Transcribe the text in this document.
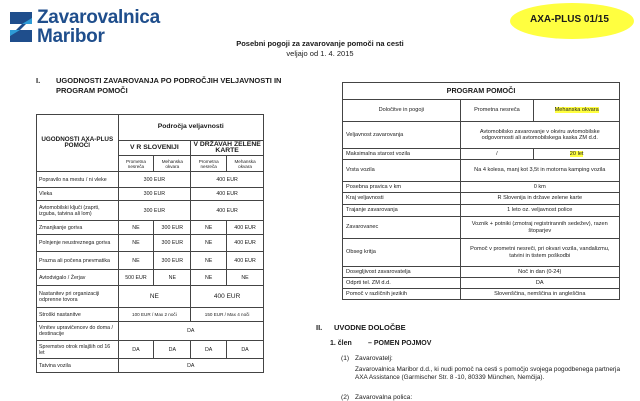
Zavarovalnica
Maribor
AXA-PLUS 01/15
Posebni pogoji za zavarovanje pomoči na cesti
veljajo od 1. 4. 2015
I. UGODNOSTI ZAVAROVANJA PO PODROČJIH VELJAVNOSTI IN PROGRAM POMOČI
UGODNOSTI AXA-PLUS POMOČI	Področja veljavnosti			
	V R SLOVENIJI		V DRŽAVAH ZELENE KARTE	
	Prometna nesreča	Mehanska okvara	Prometna nesreča	Mehanska okvara
Popravilo na mestu / ni vleke	300 EUR		400 EUR	
Vleka	300 EUR		400 EUR	
Avtomobilski ključi (zaprti, izguba, tatvina ali lom)	300 EUR		400 EUR	
Zmanjkanje goriva	NE	300 EUR	NE	400 EUR
Polnjenje neustreznega goriva	NE	300 EUR	NE	400 EUR
Prazna ali počena pnevmatika	NE	300 EUR	NE	400 EUR
Avtodvigalo / Žerjav	500 EUR	NE	NE	NE
Nastanitev pri organizaciji odprenne tovora	NE		400 EUR	
Stroški nastanitve	100 EUR / Max 2 noči		150 EUR / Max 4 noči	
Vrnitev upravičencev do doma / destinacije	DA			
Spremstvo otrok mlajših od 16 let	DA	DA	DA	DA
Tatvina vozila	DA			
PROGRAM POMOČI		
Določitve in pogoji	Prometna nesreča	Mehanska okvara
Veljavnost zavarovanja	Avtomobilsko zavarovanje v okviru avtomobilske odgovornosti ali avtomobilskega kaska ZM d.d.	
Maksimalna starost vozila	/	20 let
Vrsta vozila	Na 4 kolesa, manj kot 3,5t in motorna kamping vozila	
Posebna pravica v km	0 km	
Kraj veljavnosti	R Slovenija in države zelene karte	
Trajanje zavarovanja	1 leto oz. veljavnost police	
Zavarovanec	Voznik + potniki (zmotraj registrirannih sedežev), razen štoparjev	
Obseg kritja	Pomoč v prometni nesreči, pri okvari vozila, vandalizmu, tatvini in tistem poškodbi	
Dosegljivost zavarovatelja	Noč in dan (0-24)	
Odprti tel. ZM d.d.	DA	
Pomoč v različnih jezikih	Slovenščina, nemščina in angleščina	
II. UVODNE DOLOČBE
1. člen – POMEN POJMOV
(1) Zavarovatelj:
Zavarovalnica Maribor d.d., ki nudi pomoč na cesti s pomočjo svojega pogodbenega partnerja AXA Assistance (Garmischer Str. 8 -10, 80339 München, Nemčija).
(2) Zavarovalna polica:
